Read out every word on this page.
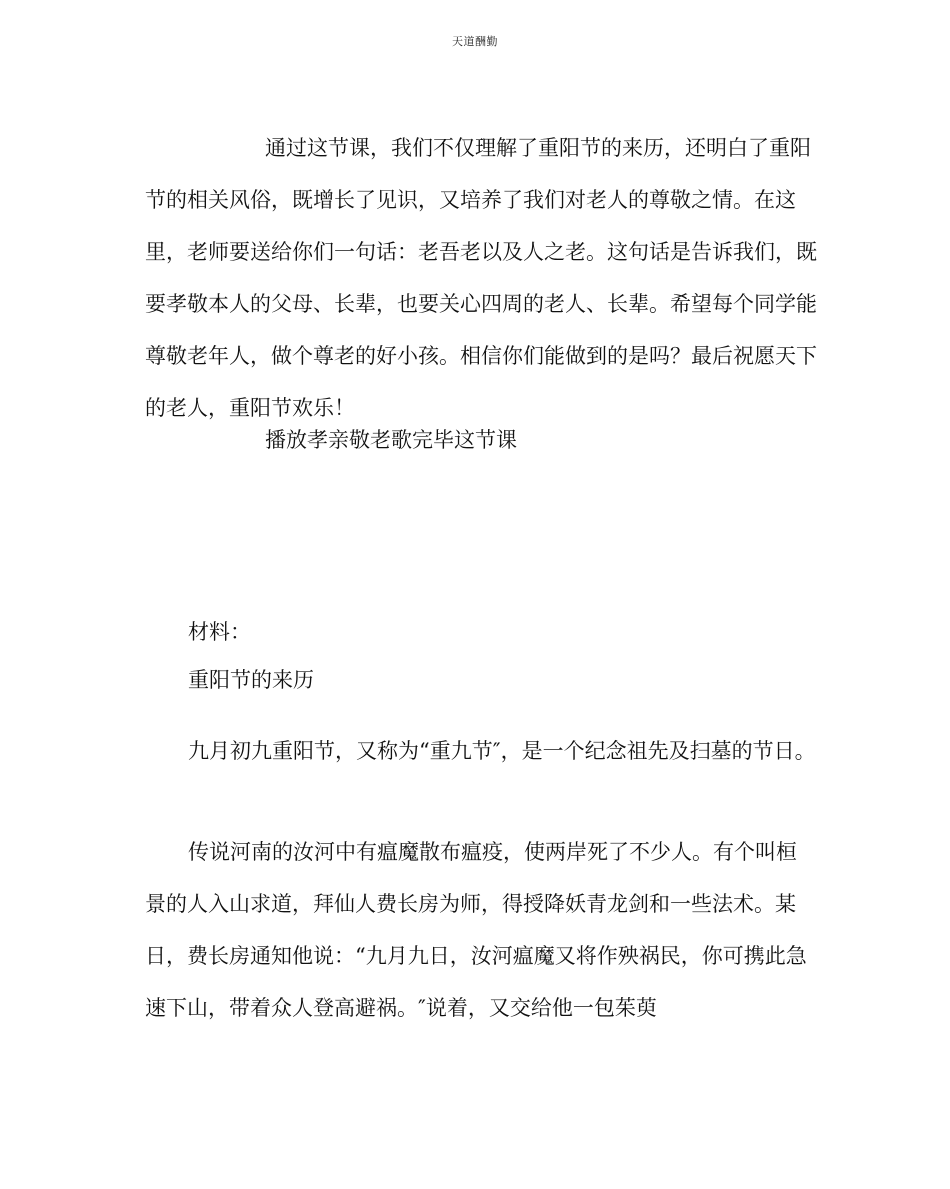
天道酬勤

通过这节课，我们不仅理解了重阳节的来历，还明白了重阳节的相关风俗，既增长了见识，又培养了我们对老人的尊敬之情。在这里，老师要送给你们一句话：老吾老以及人之老。这句话是告诉我们，既要孝敬本人的父母、长辈，也要关心四周的老人、长辈。希望每个同学能尊敬老年人，做个尊老的好小孩。相信你们能做到的是吗？最后祝愿天下的老人，重阳节欢乐！

播放孝亲敬老歌完毕这节课

材料：

重阳节的来历

九月初九重阳节，又称为“重九节″，是一个纪念祖先及扫墓的节日。

传说河南的汝河中有瘟魔散布瘟疫，使两岸死了不少人。有个叫桓景的人入山求道，拜仙人费长房为师，得授降妖青龙剑和一些法术。某日，费长房通知他说：“九月九日，汝河瘟魔又将作殃祸民，你可携此急速下山，带着众人登高避祸。″说着，又交给他一包茱萸
